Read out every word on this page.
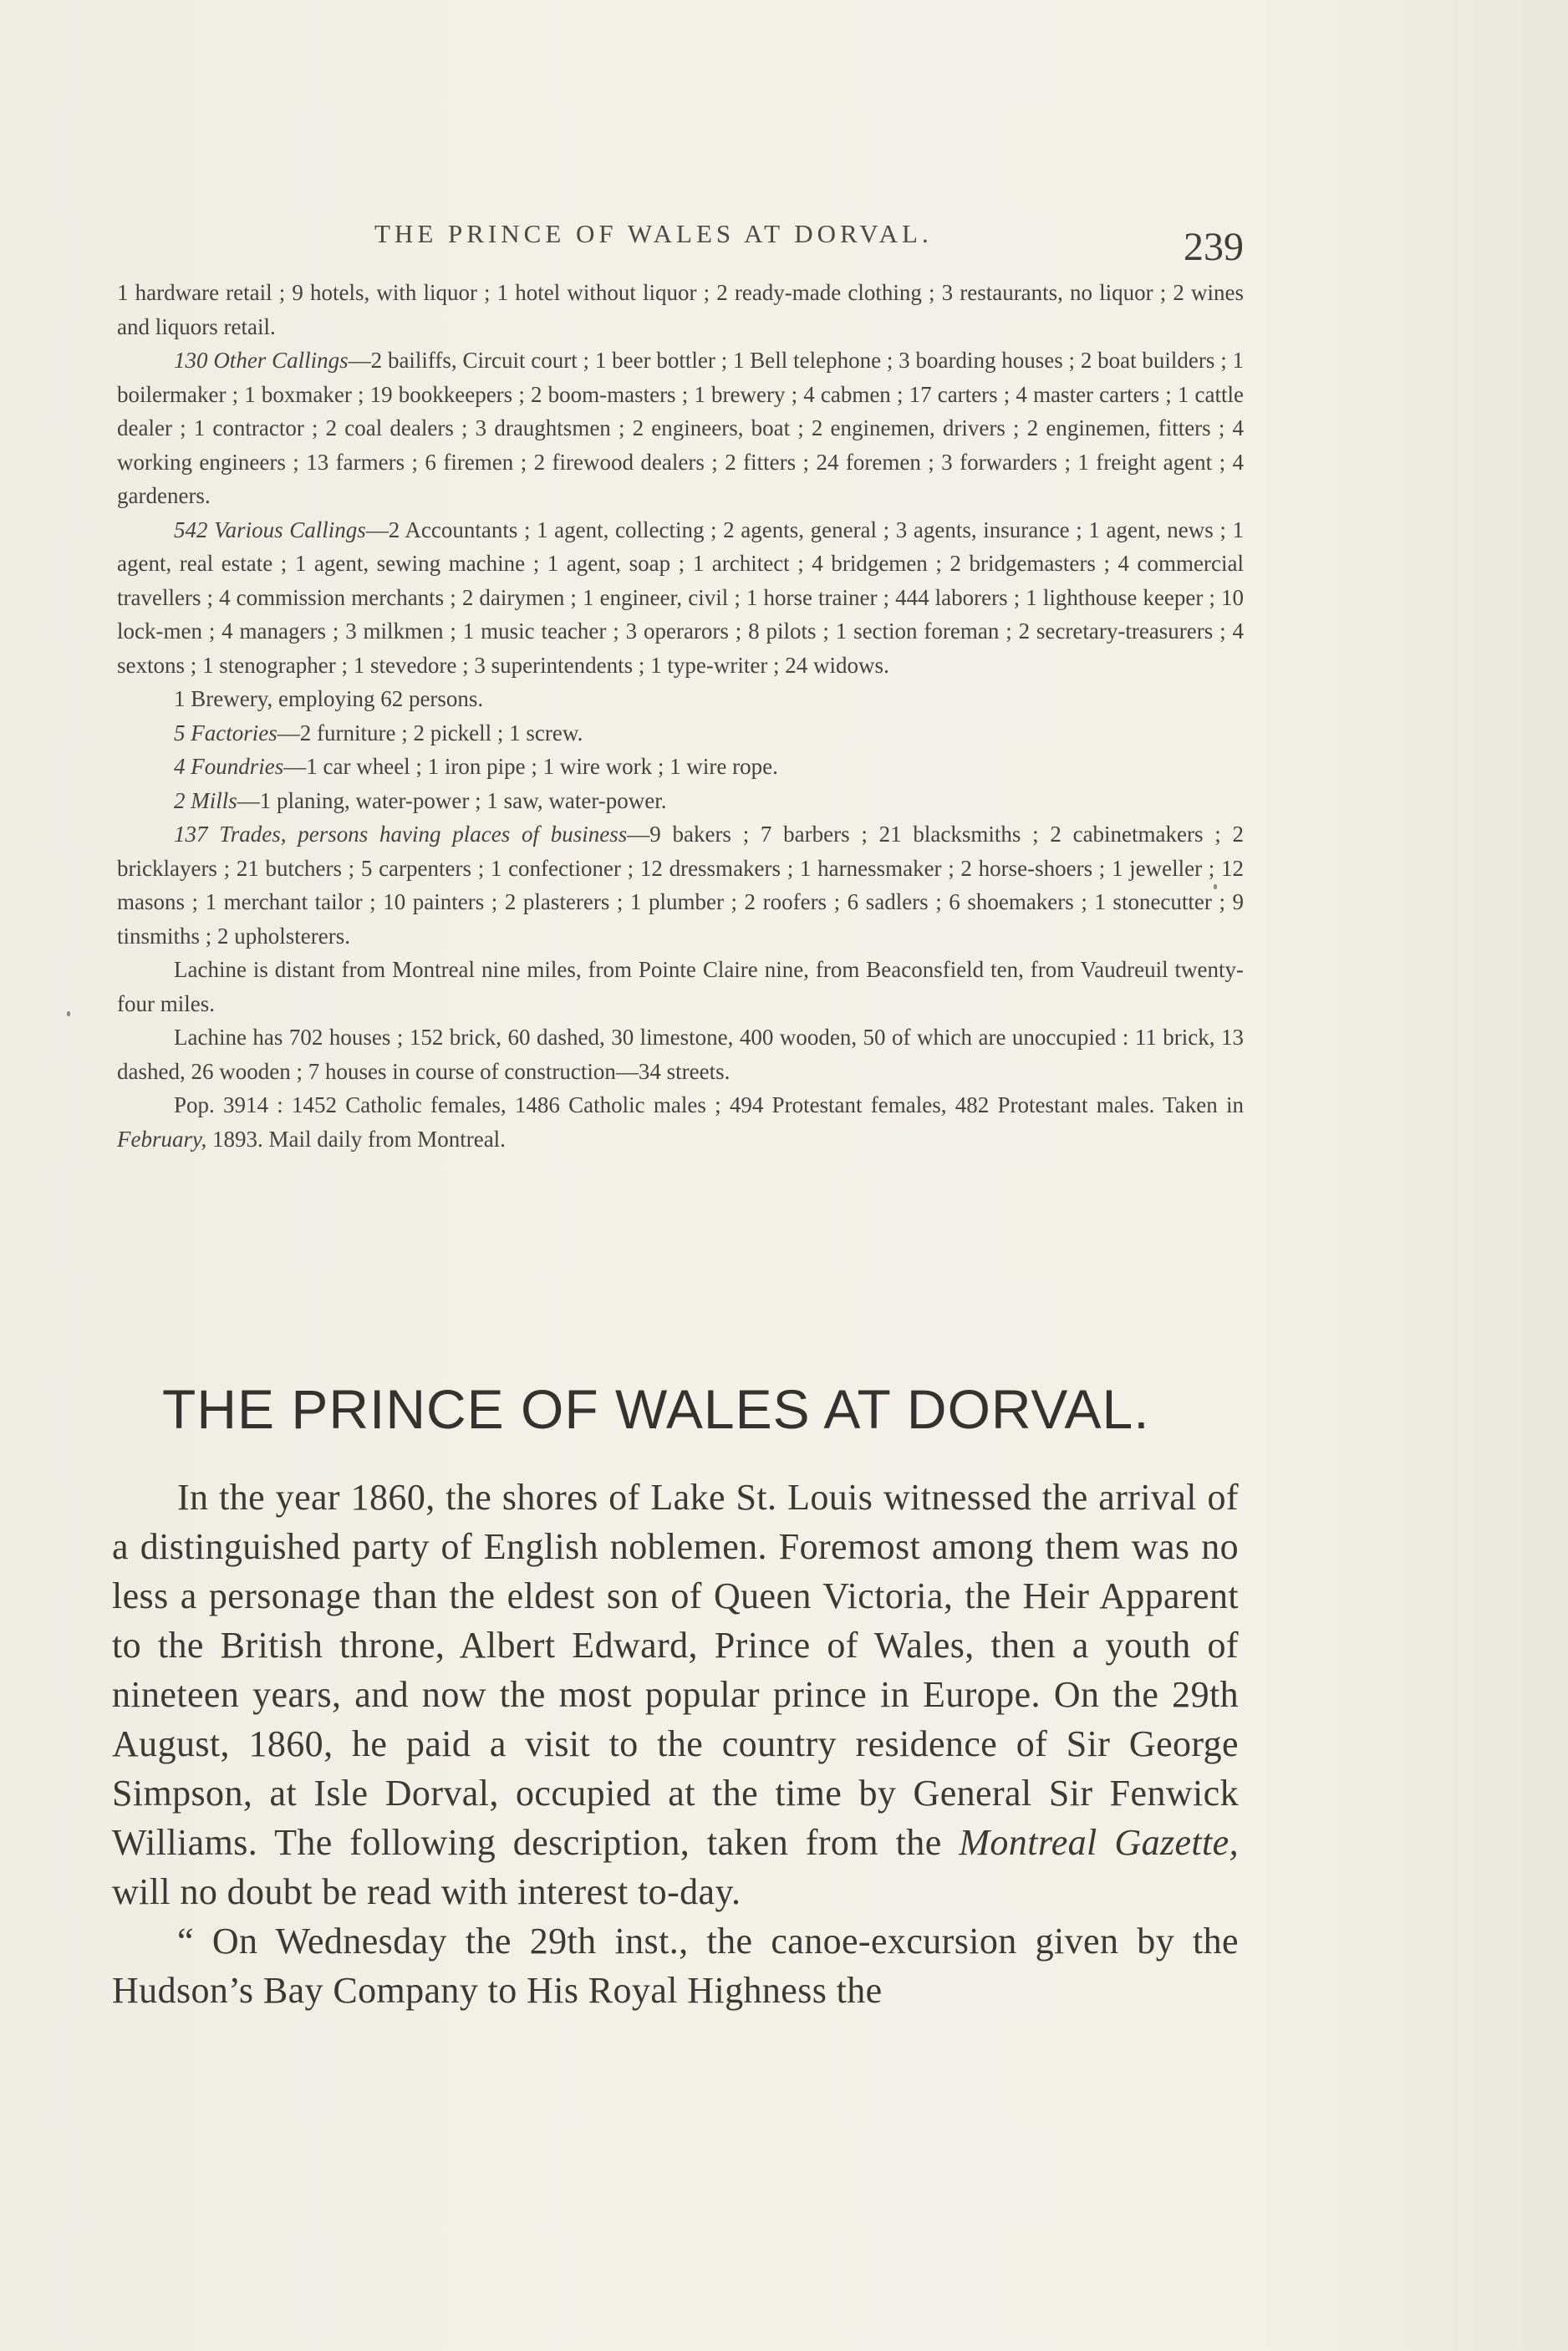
THE PRINCE OF WALES AT DORVAL.	239

1 hardware retail ; 9 hotels, with liquor ; 1 hotel without liquor ; 2 ready-made clothing ; 3 restaurants, no liquor ; 2 wines and liquors retail.

130 Other Callings—2 bailiffs, Circuit court ; 1 beer bottler ; 1 Bell telephone ; 3 boarding houses ; 2 boat builders ; 1 boilermaker ; 1 boxmaker ; 19 bookkeepers ; 2 boom-masters ; 1 brewery ; 4 cabmen ; 17 carters ; 4 master carters ; 1 cattle dealer ; 1 contractor ; 2 coal dealers ; 3 draughtsmen ; 2 engineers, boat ; 2 enginemen, drivers ; 2 enginemen, fitters ; 4 working engineers ; 13 farmers ; 6 firemen ; 2 firewood dealers ; 2 fitters ; 24 foremen ; 3 forwarders ; 1 freight agent ; 4 gardeners.

542 Various Callings—2 Accountants ; 1 agent, collecting ; 2 agents, general ; 3 agents, insurance ; 1 agent, news ; 1 agent, real estate ; 1 agent, sewing machine ; 1 agent, soap ; 1 architect ; 4 bridgemen ; 2 bridgemasters ; 4 commercial travellers ; 4 commission merchants ; 2 dairymen ; 1 engineer, civil ; 1 horse trainer ; 444 laborers ; 1 lighthouse keeper ; 10 lock-men ; 4 managers ; 3 milkmen ; 1 music teacher ; 3 operarors ; 8 pilots ; 1 section foreman ; 2 secretary-treasurers ; 4 sextons ; 1 stenographer ; 1 stevedore ; 3 superintendents ; 1 type-writer ; 24 widows.

1 Brewery, employing 62 persons.

5 Factories—2 furniture ; 2 pickell ; 1 screw.

4 Foundries—1 car wheel ; 1 iron pipe ; 1 wire work ; 1 wire rope.

2 Mills—1 planing, water-power ; 1 saw, water-power.

137 Trades, persons having places of business—9 bakers ; 7 barbers ; 21 blacksmiths ; 2 cabinetmakers ; 2 bricklayers ; 21 butchers ; 5 carpenters ; 1 confectioner ; 12 dressmakers ; 1 harnessmaker ; 2 horse-shoers ; 1 jeweller ; 12 masons ; 1 merchant tailor ; 10 painters ; 2 plasterers ; 1 plumber ; 2 roofers ; 6 sadlers ; 6 shoemakers ; 1 stonecutter ; 9 tinsmiths ; 2 upholsterers.

Lachine is distant from Montreal nine miles, from Pointe Claire nine, from Beaconsfield ten, from Vaudreuil twenty-four miles.

Lachine has 702 houses ; 152 brick, 60 dashed, 30 limestone, 400 wooden, 50 of which are unoccupied : 11 brick, 13 dashed, 26 wooden ; 7 houses in course of construction—34 streets.

Pop. 3914 : 1452 Catholic females, 1486 Catholic males ; 494 Protestant females, 482 Protestant males. Taken in February, 1893. Mail daily from Montreal.

THE PRINCE OF WALES AT DORVAL.

In the year 1860, the shores of Lake St. Louis witnessed the arrival of a distinguished party of English noblemen. Foremost among them was no less a personage than the eldest son of Queen Victoria, the Heir Apparent to the British throne, Albert Edward, Prince of Wales, then a youth of nineteen years, and now the most popular prince in Europe. On the 29th August, 1860, he paid a visit to the country residence of Sir George Simpson, at Isle Dorval, occupied at the time by General Sir Fenwick Williams. The following description, taken from the Montreal Gazette, will no doubt be read with interest to-day.

“ On Wednesday the 29th inst., the canoe-excursion given by the Hudson’s Bay Company to His Royal Highness the
